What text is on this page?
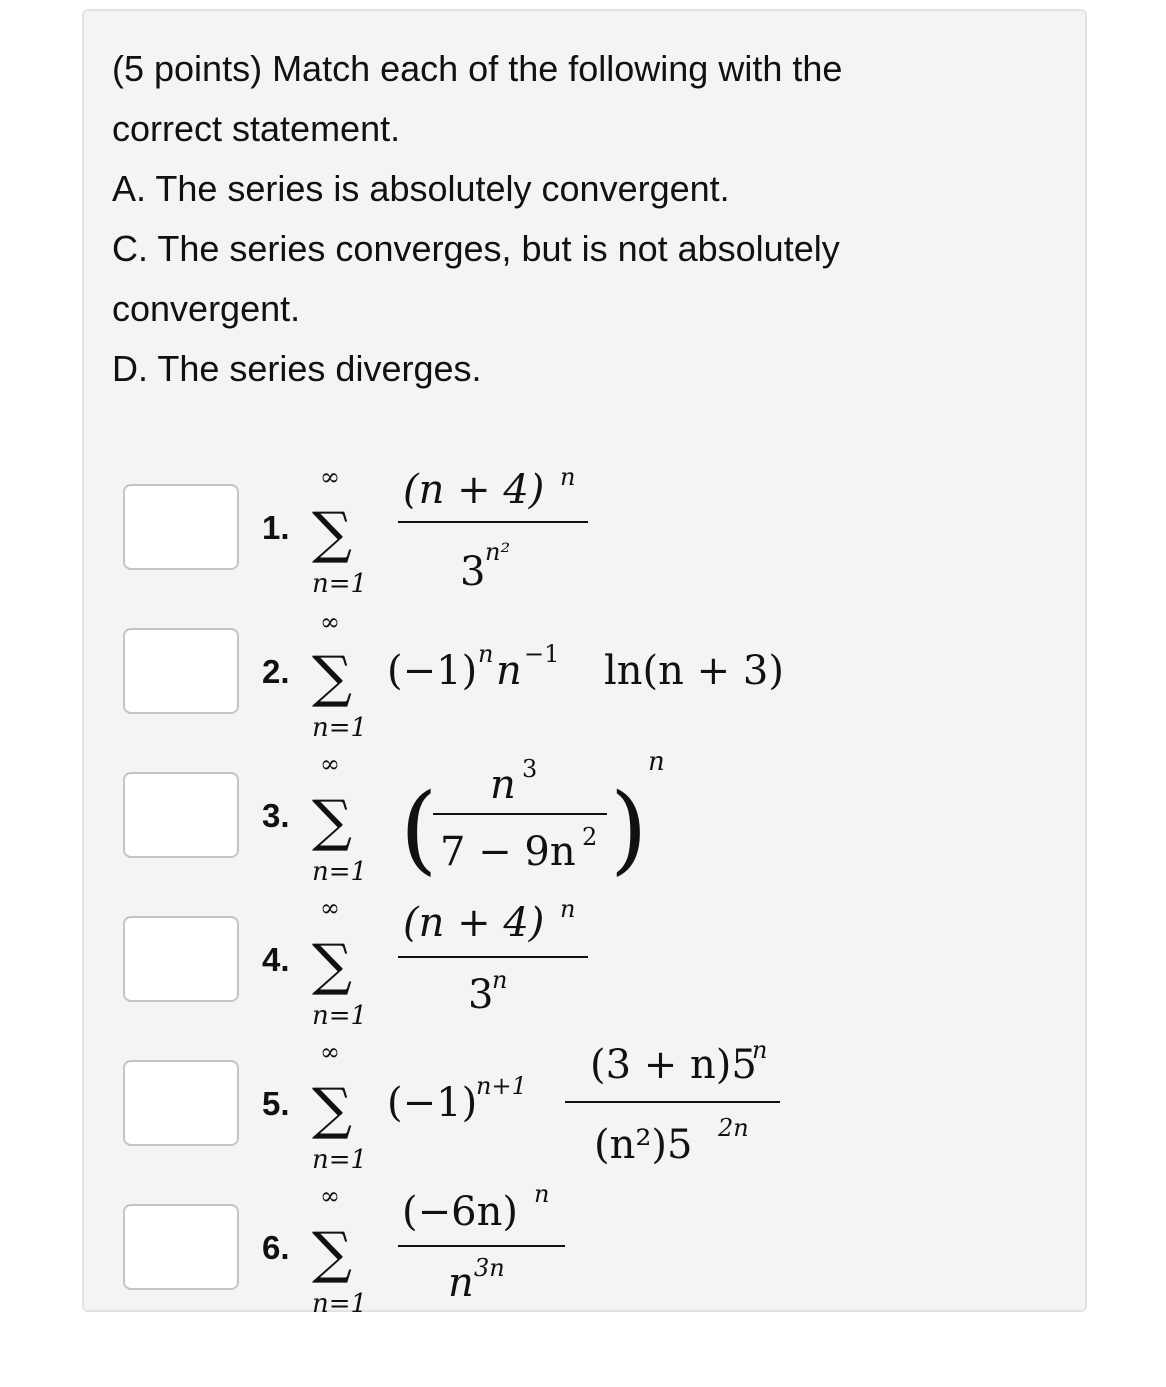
(5 points) Match each of the following with the
correct statement.
A. The series is absolutely convergent.
C. The series converges, but is not absolutely
convergent.
D. The series diverges.
1.
2.
3.
4.
5.
6.
∞
∑
n=1
(n + 4) n
3 n²
∞
∑
n=1
(−1) n n −1 ln(n + 3)
∞
∑
n=1 ( n 3
7 − 9n 2 )
n
∞
∑
n=1
(n + 4) n
3
n
∞
∑
n=1
(−1)
n+1 (3 + n)5
n
(n²)5 2n
∞
∑
n=1
(−6n) n
n 3n
